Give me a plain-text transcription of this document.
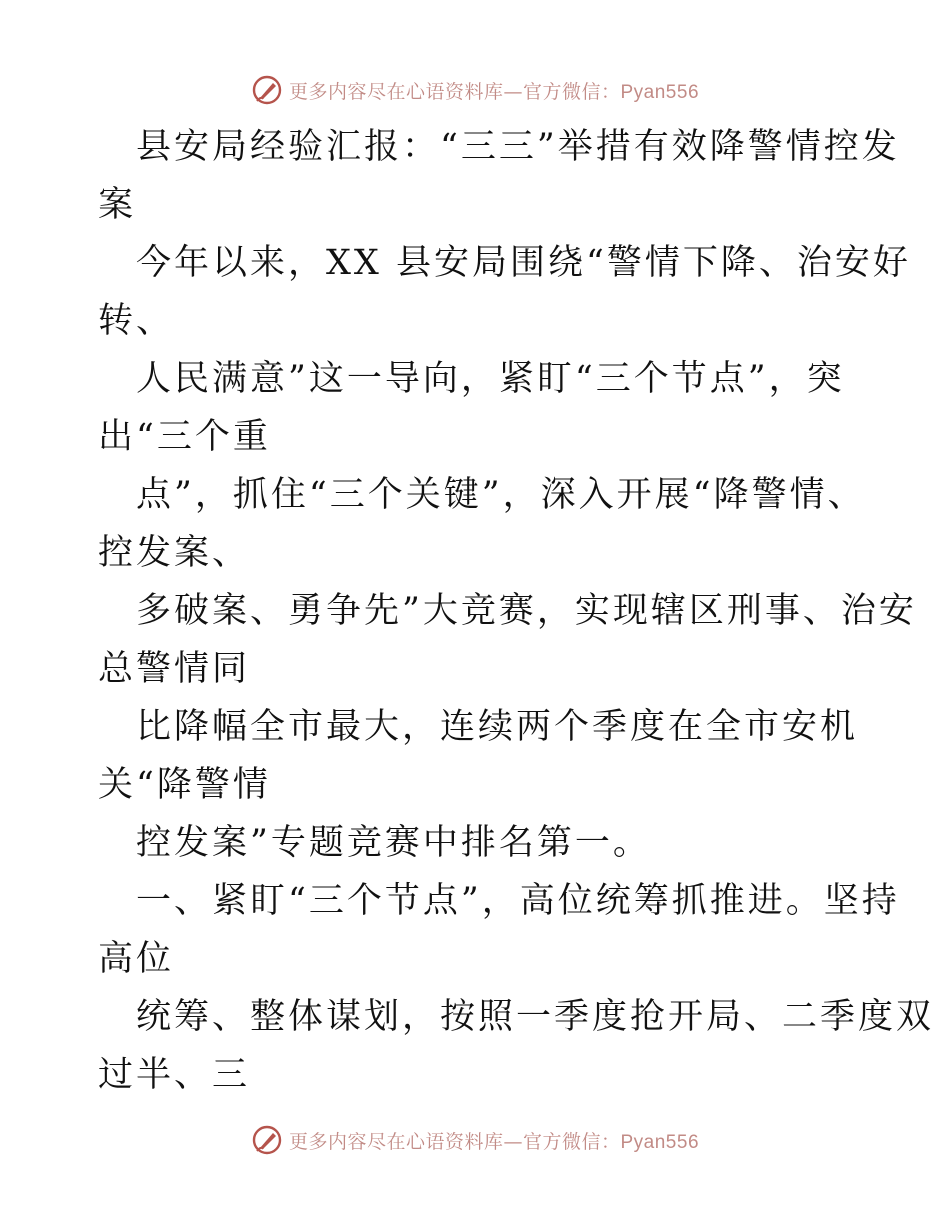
更多内容尽在心语资料库—官方微信：Pyan556
县安局经验汇报：“三三”举措有效降警情控发
案
今年以来，XX 县安局围绕“警情下降、治安好
转、
人民满意”这一导向，紧盯“三个节点”，突
出“三个重
点”，抓住“三个关键”，深入开展“降警情、
控发案、
多破案、勇争先”大竞赛，实现辖区刑事、治安
总警情同
比降幅全市最大，连续两个季度在全市安机
关“降警情
控发案”专题竞赛中排名第一。
一、紧盯“三个节点”，高位统筹抓推进。坚持
高位
统筹、整体谋划，按照一季度抢开局、二季度双
过半、三
更多内容尽在心语资料库—官方微信：Pyan556
